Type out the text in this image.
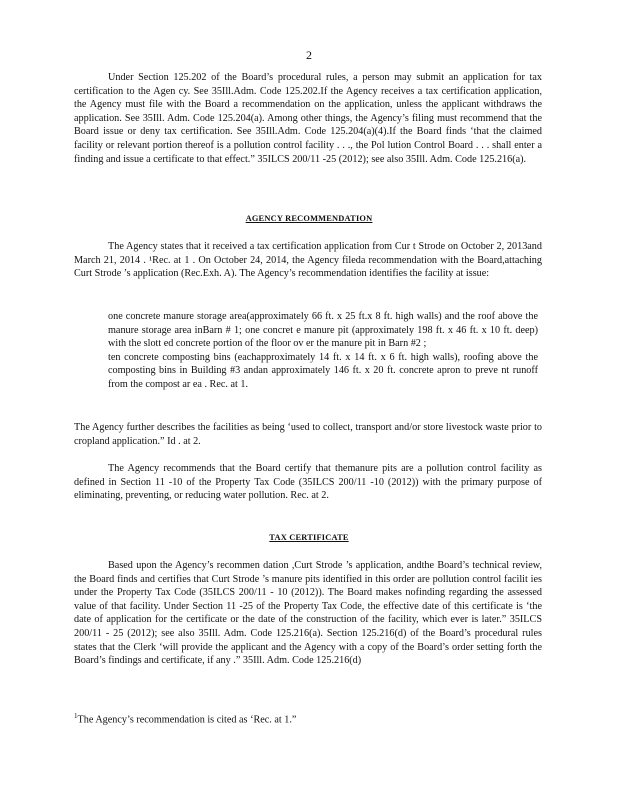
2

Under Section 125.202 of the Board’s procedural rules, a person may submit an application for tax certification to the Agen cy. See 35Ill.Adm. Code 125.202.If the Agency receives a tax certification application, the Agency must file with the Board a recommendation on the application, unless the applicant withdraws the application. See 35Ill. Adm. Code 125.204(a). Among other things, the Agency’s filing must recommend that the Board issue or deny tax certification. See 35Ill.Adm. Code 125.204(a)(4).If the Board finds ‘that the claimed facility or relevant portion thereof is a pollution control facility . . ., the Pol lution Control Board . . . shall enter a finding and issue a certificate to that effect.” 35ILCS 200/11 -25 (2012); see also 35Ill. Adm. Code 125.216(a).

AGENCY RECOMMENDATION

The Agency states that it received a tax certification application from Cur t Strode on October 2, 2013and March 21, 2014 . ¹Rec. at 1 . On October 24, 2014, the Agency fileda recommendation with the Board,attaching Curt Strode ’s application (Rec.Exh. A). The Agency’s recommendation identifies the facility at issue:

one concrete manure storage area(approximately 66 ft. x 25 ft.x 8 ft. high walls) and the roof above the manure storage area inBarn # 1; one concret e manure pit (approximately 198 ft. x 46 ft. x 10 ft. deep) with the slott ed concrete portion of the floor ov er the manure pit in Barn #2 ;

ten concrete composting bins (eachapproximately 14 ft. x 14 ft. x 6 ft. high walls), roofing above the composting bins in Building #3 andan approximately 146 ft. x 20 ft. concrete apron to preve nt runoff from the compost ar ea . Rec. at 1.

The Agency further describes the facilities as being ‘used to collect, transport and/or store livestock waste prior to cropland application.” Id . at 2.

The Agency recommends that the Board certify that themanure pits are a pollution control facility as defined in Section 11 -10 of the Property Tax Code (35ILCS 200/11 -10 (2012)) with the primary purpose of eliminating, preventing, or reducing water pollution. Rec. at 2.

TAX CERTIFICATE

Based upon the Agency’s recommen dation ,Curt Strode ’s application, andthe Board’s technical review, the Board finds and certifies that Curt Strode ’s manure pits identified in this order are pollution control facilit ies under the Property Tax Code (35ILCS 200/11 - 10 (2012)). The Board makes nofinding regarding the assessed value of that facility. Under Section 11 -25 of the Property Tax Code, the effective date of this certificate is ‘the date of application for the certificate or the date of the construction of the facility, which ever is later.” 35ILCS 200/11 - 25 (2012); see also 35Ill. Adm. Code 125.216(a). Section 125.216(d) of the Board’s procedural rules states that the Clerk ‘will provide the applicant and the Agency with a copy of the Board’s order setting forth the Board’s findings and certificate, if any .” 35Ill. Adm. Code 125.216(d)

$^1$The Agency’s recommendation is cited as ‘Rec. at 1.”
